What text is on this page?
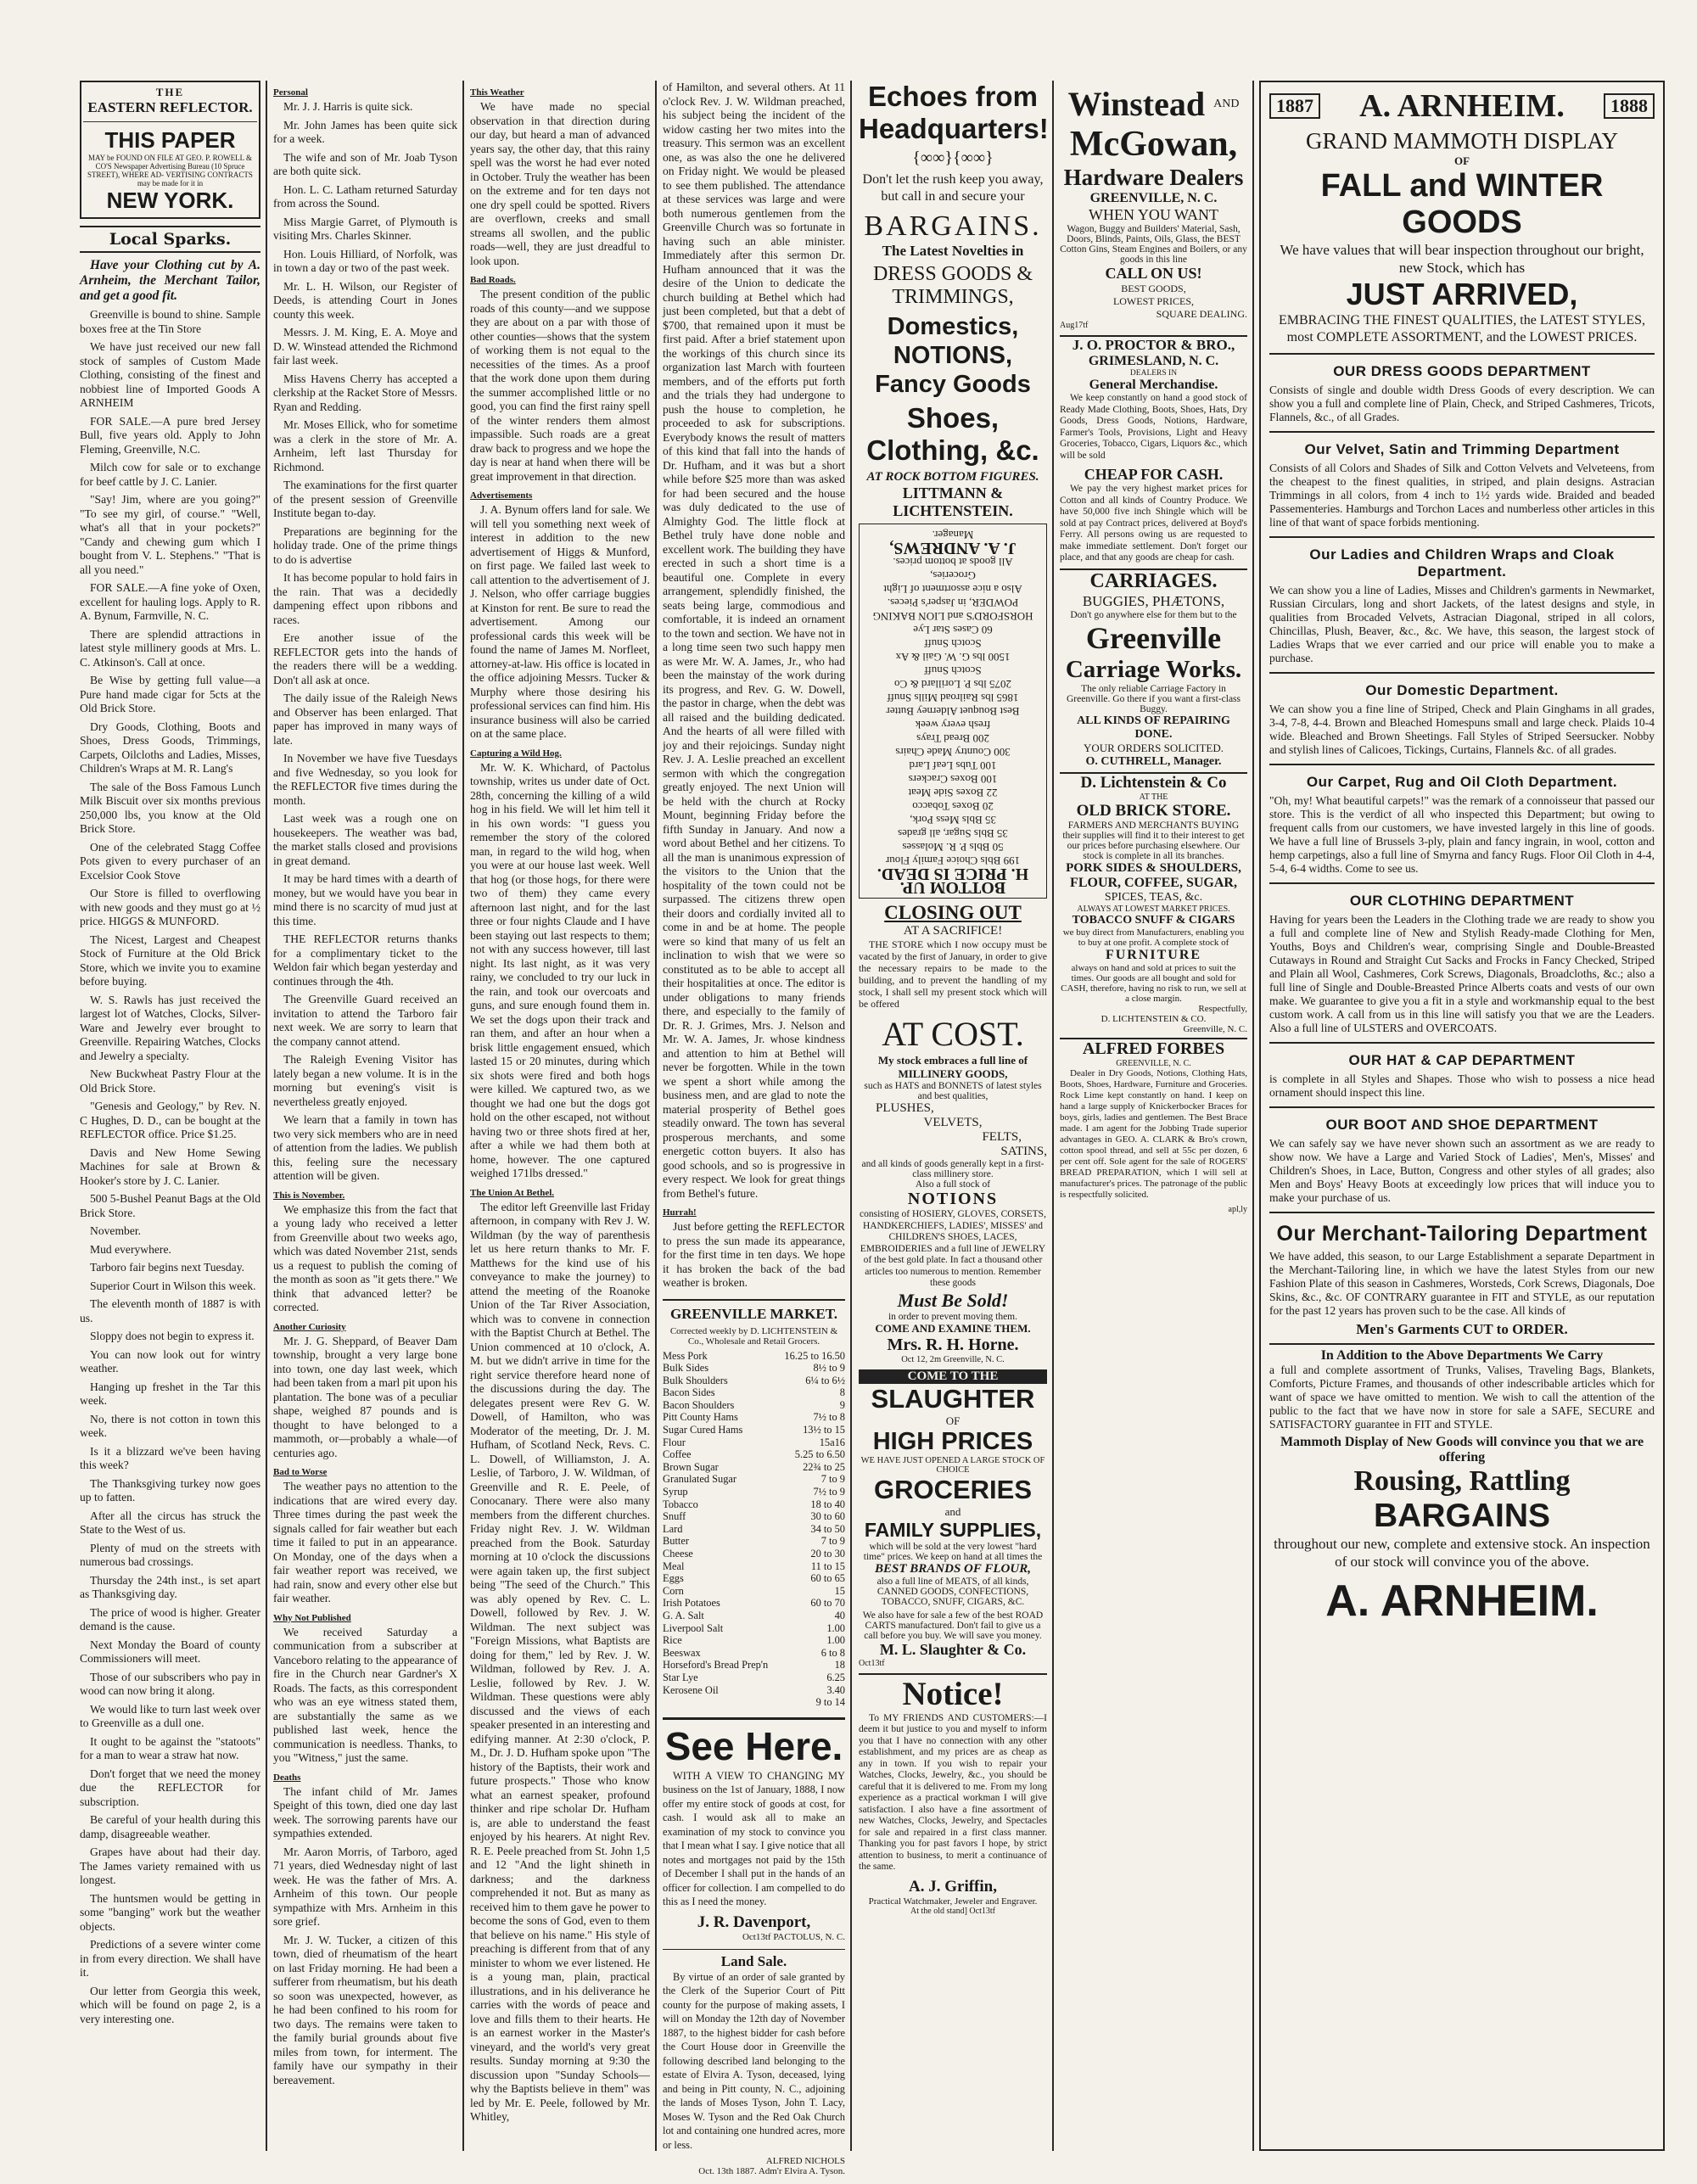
THE
EASTERN REFLECTOR.
THIS PAPER
MAY be FOUND ON FILE AT GEO. P. ROWELL & CO'S Newspaper Advertising Bureau (10 Spruce STREET), WHERE AD- VERTISING CONTRACTS may be made for it in
NEW YORK.
Local Sparks.

Have your Clothing cut by A. Arnheim, the Merchant Tailor, and get a good fit.

Greenville is bound to shine. Sample boxes free at the Tin Store

We have just received our new fall stock of samples of Custom Made Clothing, consisting of the finest and nobbiest line of Imported Goods A ARNHEIM

FOR SALE.—A pure bred Jersey Bull, five years old. Apply to John Fleming, Greenville, N.C.

Milch cow for sale or to exchange for beef cattle by J. C. Lanier.

"Say! Jim, where are you going?" "To see my girl, of course." "Well, what's all that in your pockets?" "Candy and chewing gum which I bought from V. L. Stephens." "That is all you need."

FOR SALE.—A fine yoke of Oxen, excellent for hauling logs. Apply to R. A. Bynum, Farmville, N. C.

There are splendid attractions in latest style millinery goods at Mrs. L. C. Atkinson's. Call at once.

Be Wise by getting full value—a Pure hand made cigar for 5cts at the Old Brick Store.

Dry Goods, Clothing, Boots and Shoes, Dress Goods, Trimmings, Carpets, Oilcloths and Ladies, Misses, Children's Wraps at M. R. Lang's

The sale of the Boss Famous Lunch Milk Biscuit over six months previous 250,000 lbs, you know at the Old Brick Store.

One of the celebrated Stagg Coffee Pots given to every purchaser of an Excelsior Cook Stove

Our Store is filled to overflowing with new goods and they must go at ½ price. HIGGS & MUNFORD.

The Nicest, Largest and Cheapest Stock of Furniture at the Old Brick Store, which we invite you to examine before buying.

W. S. Rawls has just received the largest lot of Watches, Clocks, Silver-Ware and Jewelry ever brought to Greenville. Repairing Watches, Clocks and Jewelry a specialty.

New Buckwheat Pastry Flour at the Old Brick Store.

"Genesis and Geology," by Rev. N. C Hughes, D. D., can be bought at the REFLECTOR office. Price $1.25.

Davis and New Home Sewing Machines for sale at Brown & Hooker's store by J. C. Lanier.

500 5-Bushel Peanut Bags at the Old Brick Store.

November.

Mud everywhere.

Tarboro fair begins next Tuesday.

Superior Court in Wilson this week.

The eleventh month of 1887 is with us.

Sloppy does not begin to express it.

You can now look out for wintry weather.

Hanging up freshet in the Tar this week.

No, there is not cotton in town this week.

Is it a blizzard we've been having this week?

The Thanksgiving turkey now goes up to fatten.

After all the circus has struck the State to the West of us.

Plenty of mud on the streets with numerous bad crossings.

Thursday the 24th inst., is set apart as Thanksgiving day.

The price of wood is higher. Greater demand is the cause.

Next Monday the Board of county Commissioners will meet.

Those of our subscribers who pay in wood can now bring it along.

We would like to turn last week over to Greenville as a dull one.

It ought to be against the "statoots" for a man to wear a straw hat now.

Don't forget that we need the money due the REFLECTOR for subscription.

Be careful of your health during this damp, disagreeable weather.

Grapes have about had their day. The James variety remained with us longest.

The huntsmen would be getting in some "banging" work but the weather objects.

Predictions of a severe winter come in from every direction. We shall have it.

Our letter from Georgia this week, which will be found on page 2, is a very interesting one.

Personal

Mr. J. J. Harris is quite sick.

Mr. John James has been quite sick for a week.

The wife and son of Mr. Joab Tyson are both quite sick.

Hon. L. C. Latham returned Saturday from across the Sound.

Miss Margie Garret, of Plymouth is visiting Mrs. Charles Skinner.

Hon. Louis Hilliard, of Norfolk, was in town a day or two of the past week.

Mr. L. H. Wilson, our Register of Deeds, is attending Court in Jones county this week.

Messrs. J. M. King, E. A. Moye and D. W. Winstead attended the Richmond fair last week.

Miss Havens Cherry has accepted a clerkship at the Racket Store of Messrs. Ryan and Redding.

Mr. Moses Ellick, who for sometime was a clerk in the store of Mr. A. Arnheim, left last Thursday for Richmond.

The examinations for the first quarter of the present session of Greenville Institute began to-day.

Preparations are beginning for the holiday trade. One of the prime things to do is advertise

It has become popular to hold fairs in the rain. That was a decidedly dampening effect upon ribbons and races.

Ere another issue of the REFLECTOR gets into the hands of the readers there will be a wedding. Don't all ask at once.

The daily issue of the Raleigh News and Observer has been enlarged. That paper has improved in many ways of late.

In November we have five Tuesdays and five Wednesday, so you look for the REFLECTOR five times during the month.

Last week was a rough one on housekeepers. The weather was bad, the market stalls closed and provisions in great demand.

It may be hard times with a dearth of money, but we would have you bear in mind there is no scarcity of mud just at this time.

THE REFLECTOR returns thanks for a complimentary ticket to the Weldon fair which began yesterday and continues through the 4th.

The Greenville Guard received an invitation to attend the Tarboro fair next week. We are sorry to learn that the company cannot attend.

The Raleigh Evening Visitor has lately began a new volume. It is in the morning but evening's visit is nevertheless greatly enjoyed.

We learn that a family in town has two very sick members who are in need of attention from the ladies. We publish this, feeling sure the necessary attention will be given.

This is November.

We emphasize this from the fact that a young lady who received a letter from Greenville about two weeks ago, which was dated November 21st, sends us a request to publish the coming of the month as soon as "it gets there." We think that advanced letter? be corrected.

Another Curiosity

Mr. J. G. Sheppard, of Beaver Dam township, brought a very large bone into town, one day last week, which had been taken from a marl pit upon his plantation. The bone was of a peculiar shape, weighed 87 pounds and is thought to have belonged to a mammoth, or—probably a whale—of centuries ago.

Bad to Worse

The weather pays no attention to the indications that are wired every day. Three times during the past week the signals called for fair weather but each time it failed to put in an appearance. On Monday, one of the days when a fair weather report was received, we had rain, snow and every other else but fair weather.

Why Not Published

We received Saturday a communication from a subscriber at Vanceboro relating to the appearance of fire in the Church near Gardner's X Roads. The facts, as this correspondent who was an eye witness stated them, are substantially the same as we published last week, hence the communication is needless. Thanks, to you "Witness," just the same.

Deaths

The infant child of Mr. James Speight of this town, died one day last week. The sorrowing parents have our sympathies extended.

Mr. Aaron Morris, of Tarboro, aged 71 years, died Wednesday night of last week. He was the father of Mrs. A. Arnheim of this town. Our people sympathize with Mrs. Arnheim in this sore grief.

Mr. J. W. Tucker, a citizen of this town, died of rheumatism of the heart on last Friday morning. He had been a sufferer from rheumatism, but his death so soon was unexpected, however, as he had been confined to his room for two days. The remains were taken to the family burial grounds about five miles from town, for interment. The family have our sympathy in their bereavement.

This Weather

We have made no special observation in that direction during our day, but heard a man of advanced years say, the other day, that this rainy spell was the worst he had ever noted in October. Truly the weather has been on the extreme and for ten days not one dry spell could be spotted. Rivers are overflown, creeks and small streams all swollen, and the public roads—well, they are just dreadful to look upon.

Bad Roads.

The present condition of the public roads of this county—and we suppose they are about on a par with those of other counties—shows that the system of working them is not equal to the necessities of the times. As a proof that the work done upon them during the summer accomplished little or no good, you can find the first rainy spell of the winter renders them almost impassible. Such roads are a great draw back to progress and we hope the day is near at hand when there will be great improvement in that direction.

Advertisements

J. A. Bynum offers land for sale. We will tell you something next week of interest in addition to the new advertisement of Higgs & Munford, on first page. We failed last week to call attention to the advertisement of J. J. Nelson, who offer carriage buggies at Kinston for rent. Be sure to read the advertisement. Among our professional cards this week will be found the name of James M. Norfleet, attorney-at-law. His office is located in the office adjoining Messrs. Tucker & Murphy where those desiring his professional services can find him. His insurance business will also be carried on at the same place.

Capturing a Wild Hog.

Mr. W. K. Whichard, of Pactolus township, writes us under date of Oct. 28th, concerning the killing of a wild hog in his field. We will let him tell it in his own words: "I guess you remember the story of the colored man, in regard to the wild hog, when you were at our house last week. Well that hog (or those hogs, for there were two of them) they came every afternoon last night, and for the last three or four nights Claude and I have been staying out last respects to them; not with any success however, till last night. Its last night, as it was very rainy, we concluded to try our luck in the rain, and took our overcoats and guns, and sure enough found them in. We set the dogs upon their track and ran them, and after an hour when a brisk little engagement ensued, which lasted 15 or 20 minutes, during which six shots were fired and both hogs were killed. We captured two, as we thought we had one but the dogs got hold on the other escaped, not without having two or three shots fired at her, after a while we had them both at home, however. The one captured weighed 171lbs dressed."

The Union At Bethel.

The editor left Greenville last Friday afternoon, in company with Rev J. W. Wildman (by the way of parenthesis let us here return thanks to Mr. F. Matthews for the kind use of his conveyance to make the journey) to attend the meeting of the Roanoke Union of the Tar River Association, which was to convene in connection with the Baptist Church at Bethel. The Union commenced at 10 o'clock, A. M. but we didn't arrive in time for the right service therefore heard none of the discussions during the day. The delegates present were Rev G. W. Dowell, of Hamilton, who was Moderator of the meeting, Dr. J. M. Hufham, of Scotland Neck, Revs. C. L. Dowell, of Williamston, J. A. Leslie, of Tarboro, J. W. Wildman, of Greenville and R. E. Peele, of Conocanary. There were also many members from the different churches. Friday night Rev. J. W. Wildman preached from the Book. Saturday morning at 10 o'clock the discussions were again taken up, the first subject being "The seed of the Church." This was ably opened by Rev. C. L. Dowell, followed by Rev. J. W. Wildman. The next subject was "Foreign Missions, what Baptists are doing for them," led by Rev. J. W. Wildman, followed by Rev. J. A. Leslie, followed by Rev. J. W. Wildman. These questions were ably discussed and the views of each speaker presented in an interesting and edifying manner. At 2:30 o'clock, P. M., Dr. J. D. Hufham spoke upon "The history of the Baptists, their work and future prospects." Those who know what an earnest speaker, profound thinker and ripe scholar Dr. Hufham is, are able to understand the feast enjoyed by his hearers. At night Rev. R. E. Peele preached from St. John 1,5 and 12 "And the light shineth in darkness; and the darkness comprehended it not. But as many as received him to them gave he power to become the sons of God, even to them that believe on his name." His style of preaching is different from that of any minister to whom we ever listened. He is a young man, plain, practical illustrations, and in his deliverance he carries with the words of peace and love and fills them to their hearts. He is an earnest worker in the Master's vineyard, and the world's very great results. Sunday morning at 9:30 the discussion upon "Sunday Schools—why the Baptists believe in them" was led by Mr. E. Peele, followed by Mr. Whitley,

of Hamilton, and several others. At 11 o'clock Rev. J. W. Wildman preached, his subject being the incident of the widow casting her two mites into the treasury. This sermon was an excellent one, as was also the one he delivered on Friday night. We would be pleased to see them published. The attendance at these services was large and were both numerous gentlemen from the Greenville Church was so fortunate in having such an able minister. Immediately after this sermon Dr. Hufham announced that it was the desire of the Union to dedicate the church building at Bethel which had just been completed, but that a debt of $700, that remained upon it must be first paid. After a brief statement upon the workings of this church since its organization last March with fourteen members, and of the efforts put forth and the trials they had undergone to push the house to completion, he proceeded to ask for subscriptions. Everybody knows the result of matters of this kind that fall into the hands of Dr. Hufham, and it was but a short while before $25 more than was asked for had been secured and the house was duly dedicated to the use of Almighty God. The little flock at Bethel truly have done noble and excellent work. The building they have erected in such a short time is a beautiful one. Complete in every arrangement, splendidly finished, the seats being large, commodious and comfortable, it is indeed an ornament to the town and section. We have not in a long time seen two such happy men as were Mr. W. A. James, Jr., who had been the mainstay of the work during its progress, and Rev. G. W. Dowell, the pastor in charge, when the debt was all raised and the building dedicated. And the hearts of all were filled with joy and their rejoicings. Sunday night Rev. J. A. Leslie preached an excellent sermon with which the congregation greatly enjoyed. The next Union will be held with the church at Rocky Mount, beginning Friday before the fifth Sunday in January. And now a word about Bethel and her citizens. To all the man is unanimous expression of the visitors to the Union that the hospitality of the town could not be surpassed. The citizens threw open their doors and cordially invited all to come in and be at home. The people were so kind that many of us felt an inclination to wish that we were so constituted as to be able to accept all their hospitalities at once. The editor is under obligations to many friends there, and especially to the family of Dr. R. J. Grimes, Mrs. J. Nelson and Mr. W. A. James, Jr. whose kindness and attention to him at Bethel will never be forgotten. While in the town we spent a short while among the business men, and are glad to note the material prosperity of Bethel goes steadily onward. The town has several prosperous merchants, and some energetic cotton buyers. It also has good schools, and so is progressive in every respect. We look for great things from Bethel's future.

Hurrah!

Just before getting the REFLECTOR to press the sun made its appearance, for the first time in ten days. We hope it has broken the back of the bad weather is broken.

GREENVILLE MARKET.
Corrected weekly by D. LICHTENSTEIN & Co., Wholesale and Retail Grocers.
Mess Pork	16.25 to 16.50
Bulk Sides	8½ to 9
Bulk Shoulders	6¼ to 6½
Bacon Sides	8
Bacon Shoulders	9
Pitt County Hams	7½ to 8
Sugar Cured Hams	13½ to 15
Flour	15a16
Coffee	5.25 to 6.50
Brown Sugar	22¾ to 25
Granulated Sugar	7 to 9
Syrup	7½ to 9
Tobacco	18 to 40
Snuff	30 to 60
Lard	34 to 50
Butter	7 to 9
Cheese	20 to 30
Meal	11 to 15
Eggs	60 to 65
Corn	15
Irish Potatoes	60 to 70
G. A. Salt	40
Liverpool Salt	1.00
Rice	1.00
Beeswax	6 to 8
Horseford's Bread Prep'n	18
Star Lye	6.25
Kerosene Oil	3.40
	9 to 14
See Here.

WITH A VIEW TO CHANGING MY business on the 1st of January, 1888, I now offer my entire stock of goods at cost, for cash. I would ask all to make an examination of my stock to convince you that I mean what I say. I give notice that all notes and mortgages not paid by the 15th of December I shall put in the hands of an officer for collection. I am compelled to do this as I need the money.

J. R. Davenport,
Oct13tf PACTOLUS, N. C.
Land Sale.

By virtue of an order of sale granted by the Clerk of the Superior Court of Pitt county for the purpose of making assets, I will on Monday the 12th day of November 1887, to the highest bidder for cash before the Court House door in Greenville the following described land belonging to the estate of Elvira A. Tyson, deceased, lying and being in Pitt county, N. C., adjoining the lands of Moses Tyson, John T. Lacy, Moses W. Tyson and the Red Oak Church lot and containing one hundred acres, more or less.

ALFRED NICHOLS
Oct. 13th 1887. Adm'r Elvira A. Tyson.
Echoes from Headquarters!
{∞∞}{∞∞}
Don't let the rush keep you away, but call in and secure your
BARGAINS.
The Latest Novelties in
DRESS GOODS & TRIMMINGS,
Domestics, NOTIONS, Fancy Goods
Shoes, Clothing, &c.
AT ROCK BOTTOM FIGURES.
LITTMANN & LICHTENSTEIN.
BOTTOM UP.
H. PRICE IS DEAD.
199 Bbls Choice Family Flour
50 Bbls P. R. Molasses
35 Bbls Sugar, all grades
35 Bbls Mess Pork,
20 Boxes Tobacco
22 Boxes Side Meat
100 Boxes Crackers
100 Tubs Leaf Lard
300 Country Made Chairs
200 Bread Trays
fresh every week
Best Bouquet Alderney Butter
1865 lbs Railroad Mills Snuff
2075 lbs P. Lorillard & Co
Scotch Snuff
1500 lbs G. W. Gail & Ax
Scotch Snuff
60 Cases Star Lye
HORSFORD'S and LION BAKING
POWDER, in Jasper's Pieces.
Also a nice assortment of Light Groceries,
All goods at bottom prices.
J. A. ANDREWS,
Manager.
CLOSING OUT
AT A SACRIFICE!

THE STORE which I now occupy must be vacated by the first of January, in order to give the necessary repairs to be made to the building, and to prevent the handling of my stock, I shall sell my present stock which will be offered

AT COST.
My stock embraces a full line of MILLINERY GOODS,
such as HATS and BONNETS of latest styles and best qualities,
PLUSHES,
VELVETS,
FELTS,
SATINS,
and all kinds of goods generally kept in a first-class millinery store.
Also a full stock of
NOTIONS
consisting of HOSIERY, GLOVES, CORSETS, HANDKERCHIEFS, LADIES', MISSES' and CHILDREN'S SHOES, LACES, EMBROIDERIES and a full line of JEWELRY of the best gold plate. In fact a thousand other articles too numerous to mention. Remember these goods
Must Be Sold!
in order to prevent moving them.
COME AND EXAMINE THEM.
Mrs. R. H. Horne.
Oct 12, 2m Greenville, N. C.
COME TO THE
SLAUGHTER
OF
HIGH PRICES
WE HAVE JUST OPENED A LARGE STOCK OF CHOICE
GROCERIES
and
FAMILY SUPPLIES,
which will be sold at the very lowest "hard time" prices. We keep on hand at all times the
BEST BRANDS OF FLOUR,
also a full line of MEATS, of all kinds, CANNED GOODS, CONFECTIONS, TOBACCO, SNUFF, CIGARS, &C.
We also have for sale a few of the best ROAD CARTS manufactured. Don't fail to give us a call before you buy. We will save you money.
M. L. Slaughter & Co.
Oct13tf
Notice!

To MY FRIENDS AND CUSTOMERS:—I deem it but justice to you and myself to inform you that I have no connection with any other establishment, and my prices are as cheap as any in town. If you wish to repair your Watches, Clocks, Jewelry, &c., you should be careful that it is delivered to me. From my long experience as a practical workman I will give satisfaction. I also have a fine assortment of new Watches, Clocks, Jewelry, and Spectacles for sale and repaired in a first class manner. Thanking you for past favors I hope, by strict attention to business, to merit a continuance of the same.

A. J. Griffin,
Practical Watchmaker, Jeweler and Engraver.
At the old stand] Oct13tf
Winstead AND
McGowan,
Hardware Dealers
GREENVILLE, N. C.
WHEN YOU WANT
Wagon, Buggy and Builders' Material, Sash, Doors, Blinds, Paints, Oils, Glass, the BEST Cotton Gins, Steam Engines and Boilers, or any goods in this line
CALL ON US!
BEST GOODS,
LOWEST PRICES,
SQUARE DEALING.
Aug17tf
J. O. PROCTOR & BRO.,
GRIMESLAND, N. C.
DEALERS IN
General Merchandise.

We keep constantly on hand a good stock of Ready Made Clothing, Boots, Shoes, Hats, Dry Goods, Dress Goods, Notions, Hardware, Farmer's Tools, Provisions, Light and Heavy Groceries, Tobacco, Cigars, Liquors &c., which will be sold

CHEAP FOR CASH.

We pay the very highest market prices for Cotton and all kinds of Country Produce. We have 50,000 five inch Shingle which will be sold at pay Contract prices, delivered at Boyd's Ferry. All persons owing us are requested to make immediate settlement. Don't forget our place, and that any goods are cheap for cash.

CARRIAGES.
BUGGIES, PHÆTONS,
Don't go anywhere else for them but to the
Greenville
Carriage Works.
The only reliable Carriage Factory in Greenville. Go there if you want a first-class Buggy.
ALL KINDS OF REPAIRING DONE.
YOUR ORDERS SOLICITED.
O. CUTHRELL, Manager.
D. Lichtenstein & Co
AT THE
OLD BRICK STORE.
FARMERS AND MERCHANTS BUYING their supplies will find it to their interest to get our prices before purchasing elsewhere. Our stock is complete in all its branches.
PORK SIDES & SHOULDERS,
FLOUR, COFFEE, SUGAR,
SPICES, TEAS, &c.
ALWAYS AT LOWEST MARKET PRICES.
TOBACCO SNUFF & CIGARS
we buy direct from Manufacturers, enabling you to buy at one profit. A complete stock of
FURNITURE
always on hand and sold at prices to suit the times. Our goods are all bought and sold for CASH, therefore, having no risk to run, we sell at a close margin.
Respectfully,
D. LICHTENSTEIN & CO.
Greenville, N. C.
ALFRED FORBES
GREENVILLE, N. C.

Dealer in Dry Goods, Notions, Clothing Hats, Boots, Shoes, Hardware, Furniture and Groceries. Rock Lime kept constantly on hand. I keep on hand a large supply of Knickerbocker Braces for boys, girls, ladies and gentlemen. The Best Brace made. I am agent for the Jobbing Trade superior advantages in GEO. A. CLARK & Bro's crown, cotton spool thread, and sell at 55c per dozen, 6 per cent off. Sole agent for the sale of ROGERS' BREAD PREPARATION, which I will sell at manufacturer's prices. The patronage of the public is respectfully solicited.

apl,ly
1887 A. ARNHEIM.	1888
GRAND MAMMOTH DISPLAY
OF
FALL and WINTER GOODS
We have values that will bear inspection throughout our bright, new Stock, which has
JUST ARRIVED,
EMBRACING THE FINEST QUALITIES, the LATEST STYLES, most COMPLETE ASSORTMENT, and the LOWEST PRICES.
OUR DRESS GOODS DEPARTMENT

Consists of single and double width Dress Goods of every description. We can show you a full and complete line of Plain, Check, and Striped Cashmeres, Tricots, Flannels, &c., of all Grades.

Our Velvet, Satin and Trimming Department

Consists of all Colors and Shades of Silk and Cotton Velvets and Velveteens, from the cheapest to the finest qualities, in striped, and plain designs. Astracian Trimmings in all colors, from 4 inch to 1½ yards wide. Braided and beaded Passementeries. Hamburgs and Torchon Laces and numberless other articles in this line of that want of space forbids mentioning.

Our Ladies and Children Wraps and Cloak Department.

We can show you a line of Ladies, Misses and Children's garments in Newmarket, Russian Circulars, long and short Jackets, of the latest designs and style, in qualities from Brocaded Velvets, Astracian Diagonal, striped in all colors, Chincillas, Plush, Beaver, &c., &c. We have, this season, the largest stock of Ladies Wraps that we ever carried and our price will enable you to make a purchase.

Our Domestic Department.

We can show you a fine line of Striped, Check and Plain Ginghams in all grades, 3-4, 7-8, 4-4. Brown and Bleached Homespuns small and large check. Plaids 10-4 wide. Bleached and Brown Sheetings. Fall Styles of Striped Seersucker. Nobby and stylish lines of Calicoes, Tickings, Curtains, Flannels &c. of all grades.

Our Carpet, Rug and Oil Cloth Department.

"Oh, my! What beautiful carpets!" was the remark of a connoisseur that passed our store. This is the verdict of all who inspected this Department; but owing to frequent calls from our customers, we have invested largely in this line of goods. We have a full line of Brussels 3-ply, plain and fancy ingrain, in wool, cotton and hemp carpetings, also a full line of Smyrna and fancy Rugs. Floor Oil Cloth in 4-4, 5-4, 6-4 widths. Come to see us.

OUR CLOTHING DEPARTMENT

Having for years been the Leaders in the Clothing trade we are ready to show you a full and complete line of New and Stylish Ready-made Clothing for Men, Youths, Boys and Children's wear, comprising Single and Double-Breasted Cutaways in Round and Straight Cut Sacks and Frocks in Fancy Checked, Striped and Plain all Wool, Cashmeres, Cork Screws, Diagonals, Broadcloths, &c.; also a full line of Single and Double-Breasted Prince Alberts coats and vests of our own make. We guarantee to give you a fit in a style and workmanship equal to the best custom work. A call from us in this line will satisfy you that we are the Leaders. Also a full line of ULSTERS and OVERCOATS.

OUR HAT & CAP DEPARTMENT

is complete in all Styles and Shapes. Those who wish to possess a nice head ornament should inspect this line.

OUR BOOT AND SHOE DEPARTMENT

We can safely say we have never shown such an assortment as we are ready to show now. We have a Large and Varied Stock of Ladies', Men's, Misses' and Children's Shoes, in Lace, Button, Congress and other styles of all grades; also Men and Boys' Heavy Boots at exceedingly low prices that will induce you to make your purchase of us.

Our Merchant-Tailoring Department

We have added, this season, to our Large Establishment a separate Department in the Merchant-Tailoring line, in which we have the latest Styles from our new Fashion Plate of this season in Cashmeres, Worsteds, Cork Screws, Diagonals, Doe Skins, &c., &c. OF CONTRARY guarantee in FIT and STYLE, as our reputation for the past 12 years has proven such to be the case. All kinds of

Men's Garments CUT to ORDER.
In Addition to the Above Departments We Carry

a full and complete assortment of Trunks, Valises, Traveling Bags, Blankets, Comforts, Picture Frames, and thousands of other indescribable articles which for want of space we have omitted to mention. We wish to call the attention of the public to the fact that we have now in store for sale a SAFE, SECURE and SATISFACTORY guarantee in FIT and STYLE.

Mammoth Display of New Goods will convince you that we are offering
Rousing, Rattling
BARGAINS
throughout our new, complete and extensive stock. An inspection of our stock will convince you of the above.
A. ARNHEIM.
